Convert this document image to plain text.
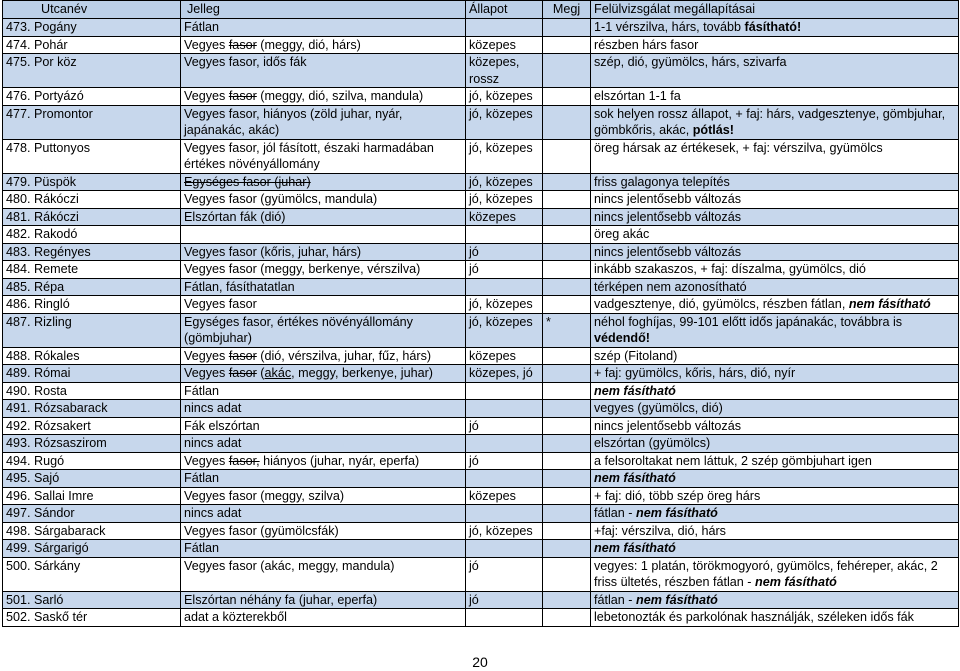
Utcanév	Jelleg	Állapot	Megj	Felülvizsgálat megállapításai
473. Pogány	Fátlan			1-1 vérszilva, hárs, tovább fásítható!
474. Pohár	Vegyes fasor (meggy, dió, hárs)	közepes		részben hárs fasor
475. Por köz	Vegyes fasor, idős fák	közepes, rossz		szép, dió, gyümölcs, hárs, szivarfa
476. Portyázó	Vegyes fasor (meggy, dió, szilva, mandula)	jó, közepes		elszórtan 1-1 fa
477. Promontor	Vegyes fasor, hiányos (zöld juhar, nyár, japánakác, akác)	jó, közepes		sok helyen rossz állapot, + faj: hárs, vadgesztenye, gömbjuhar, gömbkőris, akác, pótlás!
478. Puttonyos	Vegyes fasor, jól fásított, északi harmadában értékes növényállomány	jó, közepes		öreg hársak az értékesek, + faj: vérszilva, gyümölcs
479. Püspök	Egységes fasor (juhar)	jó, közepes		friss galagonya telepítés
480. Rákóczi	Vegyes fasor (gyümölcs, mandula)	jó, közepes		nincs jelentősebb változás
481. Rákóczi	Elszórtan fák (dió)	közepes		nincs jelentősebb változás
482. Rakodó				öreg akác
483. Regényes	Vegyes fasor (kőris, juhar, hárs)	jó		nincs jelentősebb változás
484. Remete	Vegyes fasor (meggy, berkenye, vérszilva)	jó		inkább szakaszos, + faj: díszalma, gyümölcs, dió
485. Répa	Fátlan, fásíthatatlan			térképen nem azonosítható
486. Ringló	Vegyes fasor	jó, közepes		vadgesztenye, dió, gyümölcs, részben fátlan, nem fásítható
487. Rizling	Egységes fasor, értékes növényállomány (gömbjuhar)	jó, közepes	*	néhol foghíjas, 99-101 előtt idős japánakác, továbbra is védendő!
488. Rókales	Vegyes fasor (dió, vérszilva, juhar, fűz, hárs)	közepes		szép (Fitoland)
489. Római	Vegyes fasor (akác, meggy, berkenye, juhar)	közepes, jó		+ faj: gyümölcs, kőris, hárs, dió, nyír
490. Rosta	Fátlan			nem fásítható
491. Rózsabarack	nincs adat			vegyes (gyümölcs, dió)
492. Rózsakert	Fák elszórtan	jó		nincs jelentősebb változás
493. Rózsaszirom	nincs adat			elszórtan (gyümölcs)
494. Rugó	Vegyes fasor, hiányos (juhar, nyár, eperfa)	jó		a felsoroltakat nem láttuk, 2 szép gömbjuhart igen
495. Sajó	Fátlan			nem fásítható
496. Sallai Imre	Vegyes fasor (meggy, szilva)	közepes		+ faj: dió, több szép öreg hárs
497. Sándor	nincs adat			fátlan - nem fásítható
498. Sárgabarack	Vegyes fasor (gyümölcsfák)	jó, közepes		+faj: vérszilva, dió, hárs
499. Sárgarigó	Fátlan			nem fásítható
500. Sárkány	Vegyes fasor (akác, meggy, mandula)	jó		vegyes: 1 platán, törökmogyoró, gyümölcs, fehéreper, akác, 2 friss ültetés, részben fátlan - nem fásítható
501. Sarló	Elszórtan néhány fa (juhar, eperfa)	jó		fátlan - nem fásítható
502. Saskő tér	adat a közterekből			lebetonozták és parkolónak használják, széleken idős fák
20
